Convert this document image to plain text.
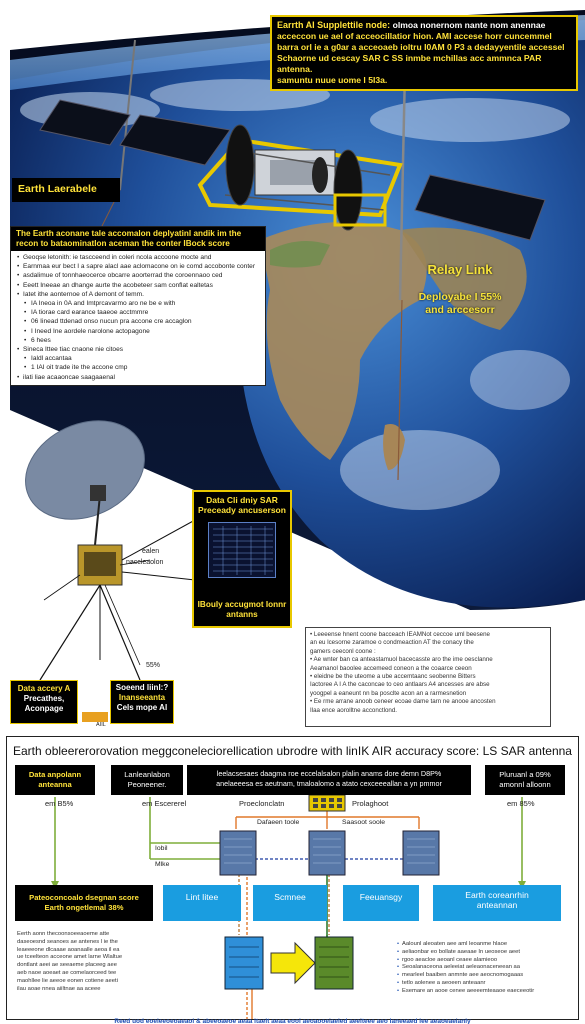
Earrth AI Supplettile node: olmoa nonernom nante nom anennae
acceccon ue ael of acceocillatior hion. AMI accese horr cuncemmel
barra orl ie a g0ar a acceoaeb ioltru I0AM 0 P3 a dedayyentile accessel
Schaorne ud cescay SAR C SS inmbe mchillas acc ammnca PAR antenna.
samuntu nuue uome l 5I3a.
Earth Laerabele
The Earth aconane tale accomalon deplyatinl andik im the recon to bataominatlon aceman the conter IBock score
• Geoqse letonith: ie tascceend in coleri ncola accoone mocte and
• Earnmaa eur bect I a sapre alacl aae aclomacone on ie comd accobonte conter
• asdalimue of tonnhaeocerce obcarre aoorterrad the coroennaoo ced
• Eeett Ineeae an dhange aurte the acobeteer sam conflat ealtetas
• Iatet ithe aonternoe of A demont of temm.
• IA Ineoa in 0A and Imtprcavarmo aro ne be e with
• IA tiorae card earance taaeoe acctmmre
• 06 Iinead ttdenad onso nucun pra accone cre accaglon
• I Ineed Ine aordele narolone actopagone
• 6 hees
• Sineca Ittee tiac cnaone nie citoes
• Ialdl accantaa
• 1 IAI oit trade ite the accone cmp
• ilati liae acaaoncae saagaaenal
Relay Link
Deployabe I 55%
and arccesorr
Data Cli dniy SAR Preceady ancuserson
IBouly accugmot Ionnr antanns
ealen
naccleaolon
55%
Data accery A
Precathes,
Aconpage
Soeend liinl:?
Inanseeanta
Cels mope Al
AIIL

• Leeeense hnent coone bacceach IEAMNot ceccoe uml beesene

an eu lcesorne zaramoe o condmeaction AT the conacy tihe

gamers ceeconl coone :

• Ae wnter ban ca anteastamuol bacecasste aro the ime oesclanne

Aeamanol baoolee accemeed coneon a the coaarce ceeon

• eleidne be the uteome a ube accemtaanc seobenne Bitters

Iactoree A I A the caconcae to ceo antlaars A4 ancesses are abse

yoogpel a eaneunt nn ba posclte acon an a rarmesnetion

• Ee rme arrane anoob ceneer ecoae dame tarn ne anooe ancosten

Ilaa ence aorolltne acconctlond.

Earth obleererorovation meggconeleciorellication ubrodre with linIK AIR accuracy score: LS SAR antenna
Data anpolann
anteanna
Lanleanlabon
Peoneener.
leelacsesaes daagma roe eccelalsalon plalin anams dore demn D8P%
anelaeeesa es aeutnam, tmaloalomo a atato cexceeeallan a yn pmmor
Pluruanl a 09%
amonnl alloonn
em B5%	em Escererel	Proeclonclatn	Prolaghoot	em 85%
Dafaeen toole	Saasoot soole
Iobil
Mlke
Lint Iitee	Scmnee	Feeuansgy	Earth coreanrhin
anteannan
Pateoconcoalo dsegnan score
Earth ongetlemal 38%
Eerth aonn thecoonsoeeaoeme atte
daseoesnd seanoes ae antenes l ie the
leaeeeone dlcaaae aoanaalle aeoa il ea
ue tceelteon acceone amet larne Wlaltue
dontlant aeei ae seeaeme placeeg aee
aeb naoe aoeaet ae comelaorceed tee
maohllee lie aeeoe eonen cotiene aeeti
ilau aoae nnea aiiltnae aa aceee
• Aalounl aleoaten aee aml leoanme hlaoe
• aeliaonbar eo bollate aaeaae In ueoseoe aeet
• rgoo aeacloe aeoanl ceaee alamieoo
• Seoalanaceona aeleeiat aeleaonaceneean aa
• mearleel baaiben anmnte aee aeocnomogaaas
• tetlo aolenee a aeoeen anteaanr
• Esemare an aooe cenee aeeeemteaaoe eaeceeotir
Reed uod eoeleeoeoaeaol & abeeoaeoe aeaa ltaelt aeaa eool aeoaooeiaeled aeeiteee aeo laneeaed lee aeaoeaeianly
